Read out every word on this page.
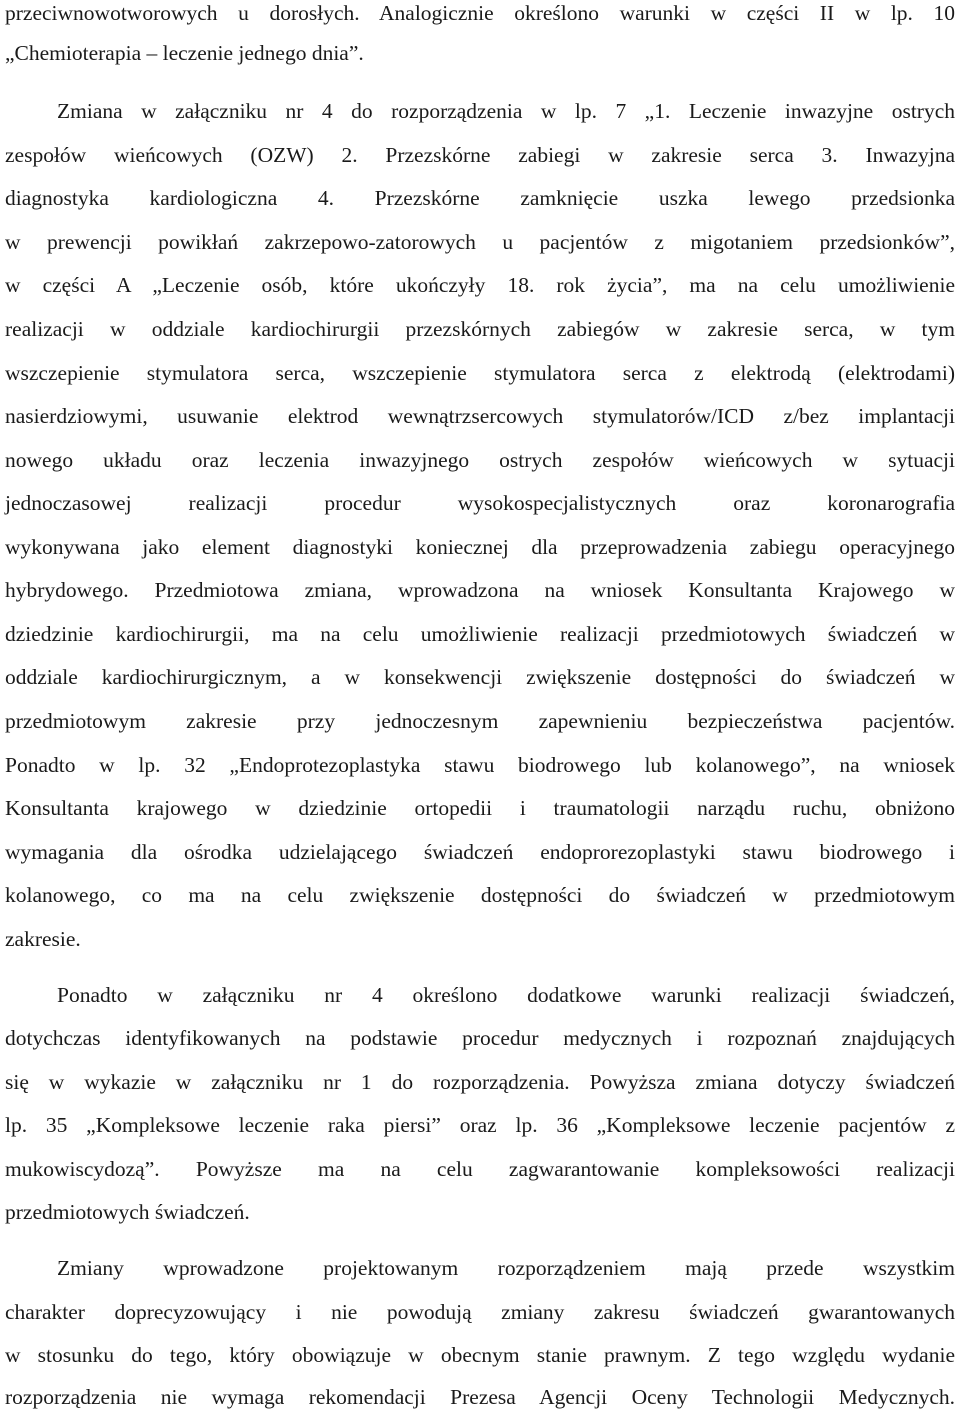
przeciwnowotworowych u dorosłych. Analogicznie określono warunki w części II w lp. 10
„Chemioterapia – leczenie jednego dnia”.
Zmiana w załączniku nr 4 do rozporządzenia w lp. 7 „1. Leczenie inwazyjne ostrych
zespołów wieńcowych (OZW) 2. Przezskórne zabiegi w zakresie serca 3. Inwazyjna
diagnostyka kardiologiczna 4. Przezskórne zamknięcie uszka lewego przedsionka
w prewencji powikłań zakrzepowo-zatorowych u pacjentów z migotaniem przedsionków”,
w części A „Leczenie osób, które ukończyły 18. rok życia”, ma na celu umożliwienie
realizacji w oddziale kardiochirurgii przezskórnych zabiegów w zakresie serca, w tym
wszczepienie stymulatora serca, wszczepienie stymulatora serca z elektrodą (elektrodami)
nasierdziowymi, usuwanie elektrod wewnątrzsercowych stymulatorów/ICD z/bez implantacji
nowego układu oraz leczenia inwazyjnego ostrych zespołów wieńcowych w sytuacji
jednoczasowej realizacji procedur wysokospecjalistycznych oraz koronarografia
wykonywana jako element diagnostyki koniecznej dla przeprowadzenia zabiegu operacyjnego
hybrydowego. Przedmiotowa zmiana, wprowadzona na wniosek Konsultanta Krajowego w
dziedzinie kardiochirurgii, ma na celu umożliwienie realizacji przedmiotowych świadczeń w
oddziale kardiochirurgicznym, a w konsekwencji zwiększenie dostępności do świadczeń w
przedmiotowym zakresie przy jednoczesnym zapewnieniu bezpieczeństwa pacjentów.
Ponadto w lp. 32 „Endoprotezoplastyka stawu biodrowego lub kolanowego”, na wniosek
Konsultanta krajowego w dziedzinie ortopedii i traumatologii narządu ruchu, obniżono
wymagania dla ośrodka udzielającego świadczeń endoprorezoplastyki stawu biodrowego i
kolanowego, co ma na celu zwiększenie dostępności do świadczeń w przedmiotowym
zakresie.
Ponadto w załączniku nr 4 określono dodatkowe warunki realizacji świadczeń,
dotychczas identyfikowanych na podstawie procedur medycznych i rozpoznań znajdujących
się w wykazie w załączniku nr 1 do rozporządzenia. Powyższa zmiana dotyczy świadczeń
lp. 35 „Kompleksowe leczenie raka piersi” oraz lp. 36 „Kompleksowe leczenie pacjentów z
mukowiscydozą”. Powyższe ma na celu zagwarantowanie kompleksowości realizacji
przedmiotowych świadczeń.
Zmiany wprowadzone projektowanym rozporządzeniem mają przede wszystkim
charakter doprecyzowujący i nie powodują zmiany zakresu świadczeń gwarantowanych
w stosunku do tego, który obowiązuje w obecnym stanie prawnym. Z tego względu wydanie
rozporządzenia nie wymaga rekomendacji Prezesa Agencji Oceny Technologii Medycznych.
